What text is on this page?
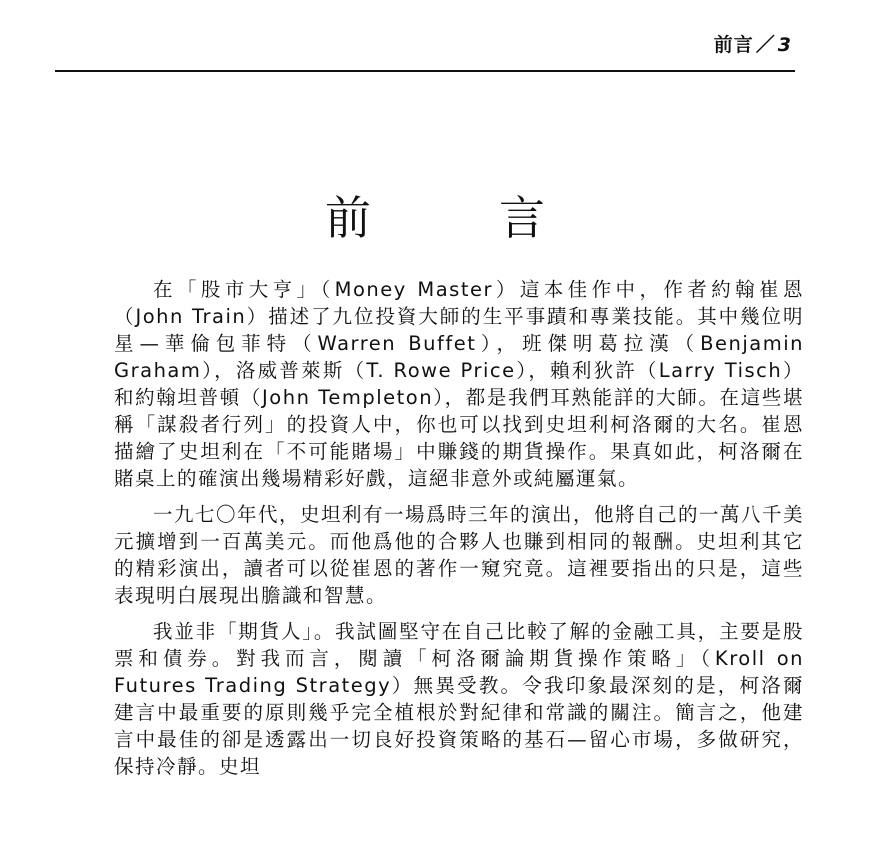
前言 ／ 3
前言

在「股市大亨」（Money Master）這本佳作中，作者約翰崔恩（John Train）描述了九位投資大師的生平事蹟和專業技能。其中幾位明星—華倫包菲特（Warren Buffet），班傑明葛拉漢（Benjamin Graham），洛威普萊斯（T. Rowe Price），賴利狄許（Larry Tisch）和約翰坦普頓（John Templeton），都是我們耳熟能詳的大師。在這些堪稱「謀殺者行列」的投資人中，你也可以找到史坦利柯洛爾的大名。崔恩描繪了史坦利在「不可能賭場」中賺錢的期貨操作。果真如此，柯洛爾在賭桌上的確演出幾場精彩好戲，這絕非意外或純屬運氣。

一九七〇年代，史坦利有一場爲時三年的演出，他將自己的一萬八千美元擴增到一百萬美元。而他爲他的合夥人也賺到相同的報酬。史坦利其它的精彩演出，讀者可以從崔恩的著作一窺究竟。這裡要指出的只是，這些表現明白展現出膽識和智慧。

我並非「期貨人」。我試圖堅守在自己比較了解的金融工具，主要是股票和債券。對我而言，閱讀「柯洛爾論期貨操作策略」（Kroll on Futures Trading Strategy）無異受教。令我印象最深刻的是，柯洛爾建言中最重要的原則幾乎完全植根於對紀律和常識的關注。簡言之，他建言中最佳的卻是透露出一切良好投資策略的基石—留心市場，多做研究，保持冷靜。史坦
